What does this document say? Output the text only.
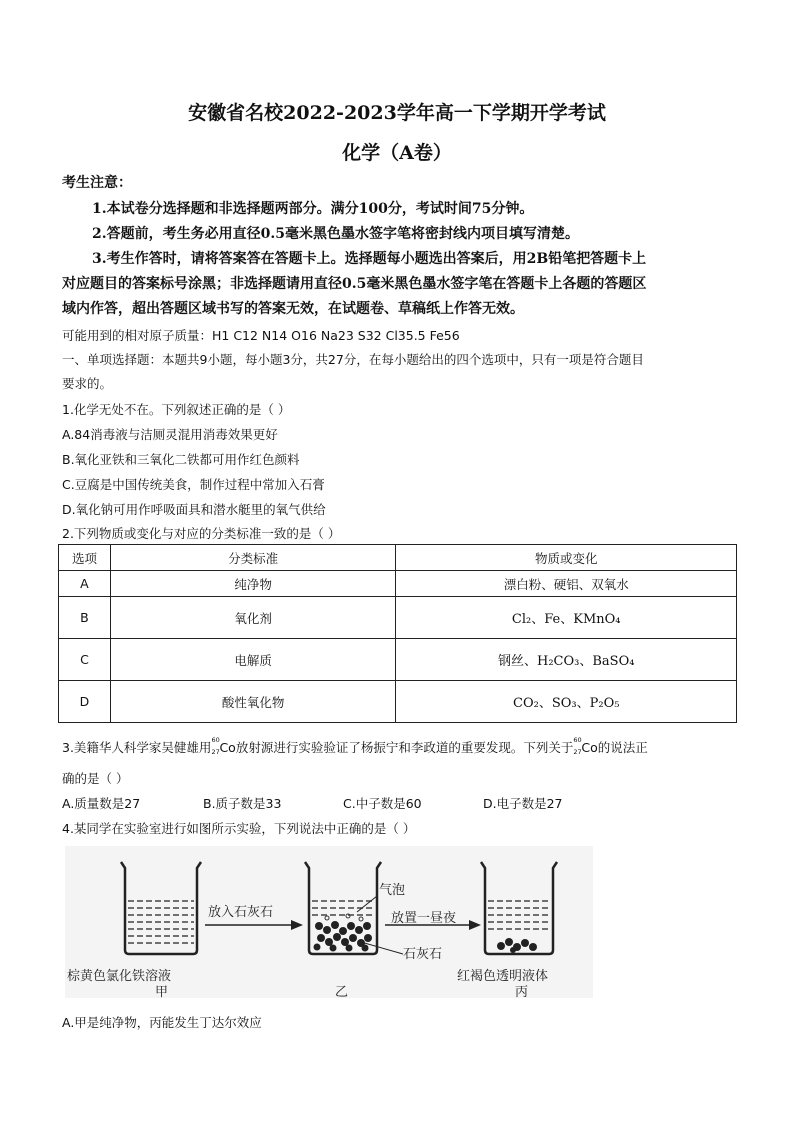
安徽省名校2022-2023学年高一下学期开学考试
化学（A卷）
考生注意：
1.本试卷分选择题和非选择题两部分。满分100分，考试时间75分钟。
2.答题前，考生务必用直径0.5毫米黑色墨水签字笔将密封线内项目填写清楚。
3.考生作答时，请将答案答在答题卡上。选择题每小题选出答案后，用2B铅笔把答题卡上
对应题目的答案标号涂黑；非选择题请用直径0.5毫米黑色墨水签字笔在答题卡上各题的答题区
域内作答，超出答题区域书写的答案无效，在试题卷、草稿纸上作答无效。
可能用到的相对原子质量：H1 C12 N14 O16 Na23 S32 Cl35.5 Fe56
一、单项选择题：本题共9小题，每小题3分，共27分，在每小题给出的四个选项中，只有一项是符合题目
要求的。
1.化学无处不在。下列叙述正确的是（ ）
A.84消毒液与洁厕灵混用消毒效果更好
B.氧化亚铁和三氧化二铁都可用作红色颜料
C.豆腐是中国传统美食，制作过程中常加入石膏
D.氧化钠可用作呼吸面具和潜水艇里的氧气供给
2.下列物质或变化与对应的分类标准一致的是（ ）
选项	分类标准	物质或变化
A	纯净物	漂白粉、硬铝、双氧水
B	氧化剂	Cl₂、Fe、KMnO₄
C	电解质	钢丝、H₂CO₃、BaSO₄
D	酸性氧化物	CO₂、SO₃、P₂O₅
3.美籍华人科学家吴健雄用 60
27 Co放射源进行实验验证了杨振宁和李政道的重要发现。下列关于 60
27 Co的说法正
确的是（ ）
A.质量数是27	B.质子数是33	C.中子数是60	D.电子数是27
4.某同学在实验室进行如图所示实验，下列说法中正确的是（ ）
放入石灰石
气泡
石灰石
放置一昼夜
棕黄色氯化铁溶液	红褐色透明液体
甲	乙	丙
A.甲是纯净物，丙能发生丁达尔效应
